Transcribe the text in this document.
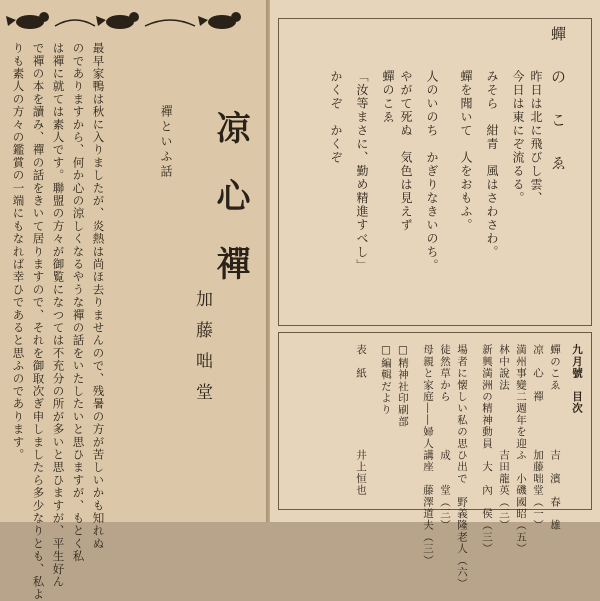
凉心禪
加藤咄堂
禪といふ話
最早家鴨は秋に入りましたが、炎熱は尚ほ去りませんので、残暑の方が苦しいかも知れぬ
のでありますから、何か心の涼しくなるやうな禪の話をいたしたいと思ひますが、もとく私
は禪に就ては素人です。聯盟の方々が御覧になつては不充分の所が多いと思ひますが、平生好ん
で禪の本を讀み、禪の話をきいて居りますので、それを御取次ぎ申しましたら多少なりとも、私よ
りも素人の方々の鑑賞の一端にもなれば幸ひであると思ふのであります。	蟬のこゑ
昨日は北に飛びし雲、
今日は東にぞ流るる。
みそら　紺青　風はさわさわ。
蟬を聞いて　人をおもふ。
人のいのち　かぎりなきいのち。
やがて死ぬ　気色は見えず
蟬のこゑ
「汝等まさに、勤め精進すべし」
かくぞ　かくぞ
九月號　目次
蟬のこゑ　　　　　吉　濱　春　雄
凉　心　禪　　　　加藤咄堂（一）
満州事變二週年を迎ふ　小磯國昭（五）
林中說法　　　　　吉田龍英（三）
新興満洲の精神動員　大　內　侯（三）
場者に懐しい私の思ひ出で　野義隆老人（六）
徒然草から　　　　成　　堂（三）
母親と家庭――婦人講座　藤澤道夫（三）
□精神社印刷部
□編輯だより
表　紙　　　　　　井上恒也
